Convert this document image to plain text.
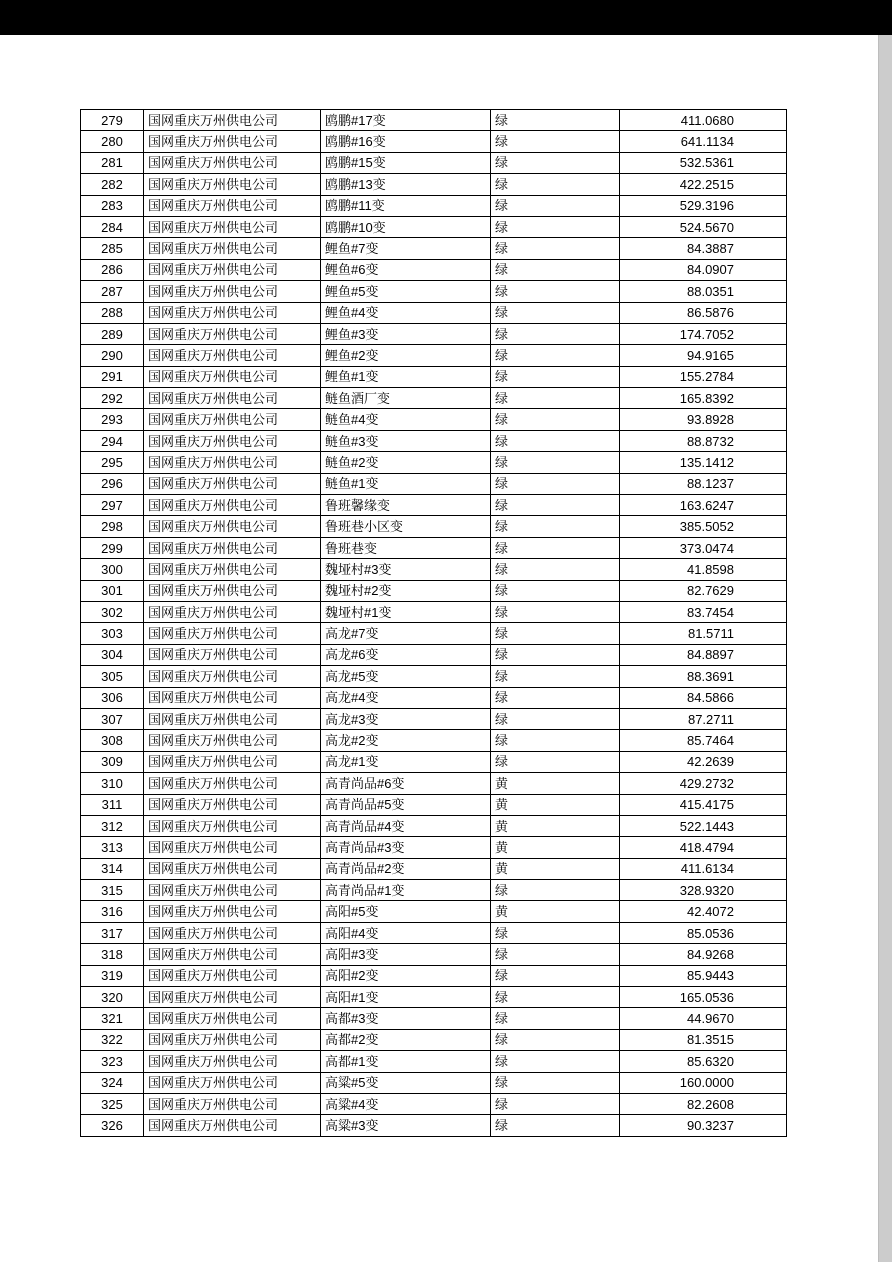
279	国网重庆万州供电公司	鸥鹏#17变	绿	411.0680
280	国网重庆万州供电公司	鸥鹏#16变	绿	641.1134
281	国网重庆万州供电公司	鸥鹏#15变	绿	532.5361
282	国网重庆万州供电公司	鸥鹏#13变	绿	422.2515
283	国网重庆万州供电公司	鸥鹏#11变	绿	529.3196
284	国网重庆万州供电公司	鸥鹏#10变	绿	524.5670
285	国网重庆万州供电公司	鲤鱼#7变	绿	84.3887
286	国网重庆万州供电公司	鲤鱼#6变	绿	84.0907
287	国网重庆万州供电公司	鲤鱼#5变	绿	88.0351
288	国网重庆万州供电公司	鲤鱼#4变	绿	86.5876
289	国网重庆万州供电公司	鲤鱼#3变	绿	174.7052
290	国网重庆万州供电公司	鲤鱼#2变	绿	94.9165
291	国网重庆万州供电公司	鲤鱼#1变	绿	155.2784
292	国网重庆万州供电公司	鲢鱼酒厂变	绿	165.8392
293	国网重庆万州供电公司	鲢鱼#4变	绿	93.8928
294	国网重庆万州供电公司	鲢鱼#3变	绿	88.8732
295	国网重庆万州供电公司	鲢鱼#2变	绿	135.1412
296	国网重庆万州供电公司	鲢鱼#1变	绿	88.1237
297	国网重庆万州供电公司	鲁班馨缘变	绿	163.6247
298	国网重庆万州供电公司	鲁班巷小区变	绿	385.5052
299	国网重庆万州供电公司	鲁班巷变	绿	373.0474
300	国网重庆万州供电公司	魏垭村#3变	绿	41.8598
301	国网重庆万州供电公司	魏垭村#2变	绿	82.7629
302	国网重庆万州供电公司	魏垭村#1变	绿	83.7454
303	国网重庆万州供电公司	高龙#7变	绿	81.5711
304	国网重庆万州供电公司	高龙#6变	绿	84.8897
305	国网重庆万州供电公司	高龙#5变	绿	88.3691
306	国网重庆万州供电公司	高龙#4变	绿	84.5866
307	国网重庆万州供电公司	高龙#3变	绿	87.2711
308	国网重庆万州供电公司	高龙#2变	绿	85.7464
309	国网重庆万州供电公司	高龙#1变	绿	42.2639
310	国网重庆万州供电公司	高青尚品#6变	黄	429.2732
311	国网重庆万州供电公司	高青尚品#5变	黄	415.4175
312	国网重庆万州供电公司	高青尚品#4变	黄	522.1443
313	国网重庆万州供电公司	高青尚品#3变	黄	418.4794
314	国网重庆万州供电公司	高青尚品#2变	黄	411.6134
315	国网重庆万州供电公司	高青尚品#1变	绿	328.9320
316	国网重庆万州供电公司	高阳#5变	黄	42.4072
317	国网重庆万州供电公司	高阳#4变	绿	85.0536
318	国网重庆万州供电公司	高阳#3变	绿	84.9268
319	国网重庆万州供电公司	高阳#2变	绿	85.9443
320	国网重庆万州供电公司	高阳#1变	绿	165.0536
321	国网重庆万州供电公司	高都#3变	绿	44.9670
322	国网重庆万州供电公司	高都#2变	绿	81.3515
323	国网重庆万州供电公司	高都#1变	绿	85.6320
324	国网重庆万州供电公司	高粱#5变	绿	160.0000
325	国网重庆万州供电公司	高粱#4变	绿	82.2608
326	国网重庆万州供电公司	高粱#3变	绿	90.3237
